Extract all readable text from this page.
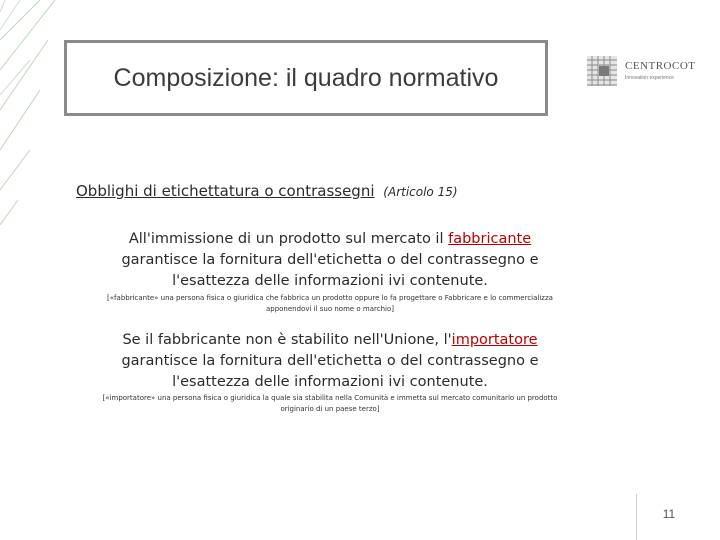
Composizione: il quadro normativo	CENTROCOT
Innovation experience
Obblighi di etichettatura o contrassegni (Articolo 15)
All'immissione di un prodotto sul mercato il fabbricante garantisce la fornitura dell'etichetta o del contrassegno e l'esattezza delle informazioni ivi contenute.
[«fabbricante» una persona fisica o giuridica che fabbrica un prodotto oppure lo fa progettare o Fabbricare e lo commercializza apponendovi il suo nome o marchio]
Se il fabbricante non è stabilito nell'Unione, l'importatore garantisce la fornitura dell'etichetta o del contrassegno e l'esattezza delle informazioni ivi contenute.
[«importatore» una persona fisica o giuridica la quale sia stabilita nella Comunità e immetta sul mercato comunitario un prodotto originario di un paese terzo]
11
